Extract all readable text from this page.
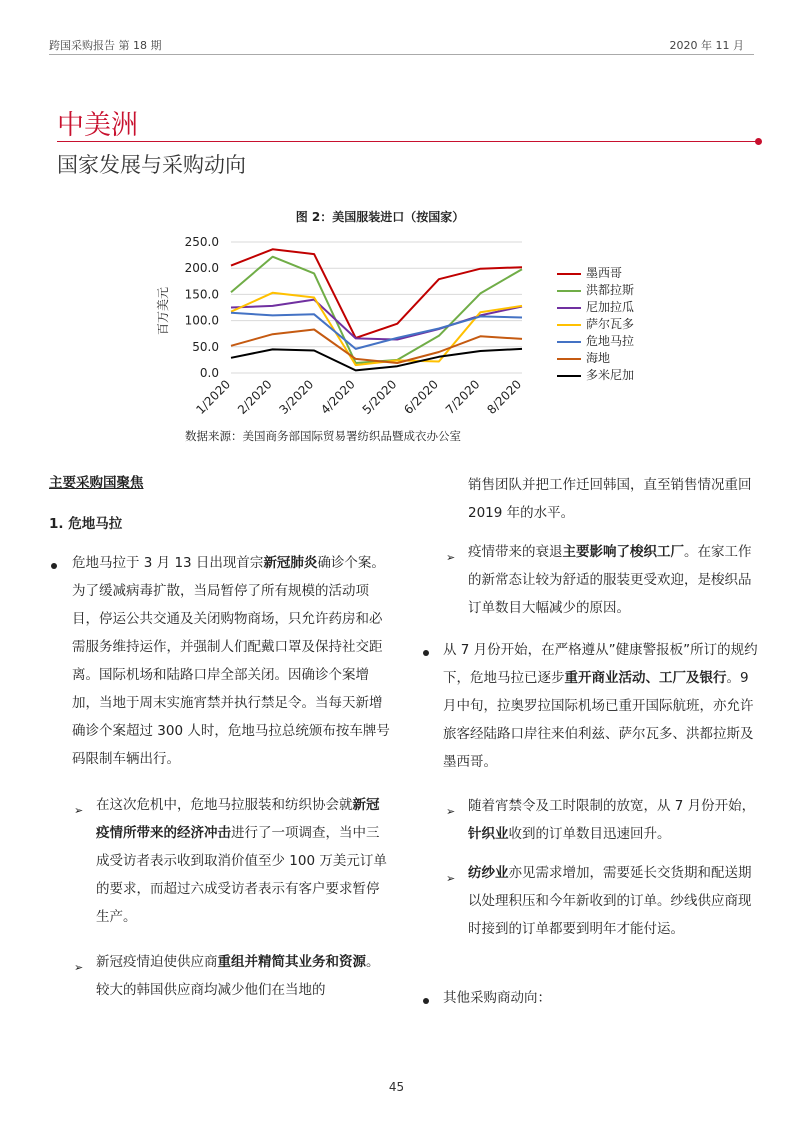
跨国采购报告 第 18 期	2020 年 11 月
中美洲
国家发展与采购动向
图 2：美国服装进口（按国家）
0.0
50.0
100.0
150.0
200.0
250.0
1/2020 2/2020 3/2020 4/2020 5/2020 6/2020 7/2020 8/2020
百万美元
墨西哥
洪都拉斯
尼加拉瓜
萨尔瓦多
危地马拉
海地
多米尼加
数据来源：美国商务部国际贸易署纺织品暨成衣办公室
主要采购国聚焦
1. 危地马拉

危地马拉于 3 月 13 日出现首宗新冠肺炎确诊个案。为了缓减病毒扩散，当局暂停了所有规模的活动项目，停运公共交通及关闭购物商场，只允许药房和必需服务维持运作，并强制人们配戴口罩及保持社交距离。国际机场和陆路口岸全部关闭。因确诊个案增加，当地于周末实施宵禁并执行禁足令。当每天新增确诊个案超过 300 人时，危地马拉总统颁布按车牌号码限制车辆出行。

➢ 在这次危机中，危地马拉服装和纺织协会就新冠疫情所带来的经济冲击进行了一项调查，当中三成受访者表示收到取消价值至少 100 万美元订单的要求，而超过六成受访者表示有客户要求暂停生产。

➢ 新冠疫情迫使供应商重组并精简其业务和资源。较大的韩国供应商均减少他们在当地的

销售团队并把工作迁回韩国，直至销售情况重回 2019 年的水平。

➢ 疫情带来的衰退主要影响了梭织工厂。在家工作的新常态让较为舒适的服装更受欢迎，是梭织品订单数目大幅减少的原因。

从 7 月份开始，在严格遵从”健康警报板”所订的规约下，危地马拉已逐步重开商业活动、工厂及银行。9 月中旬，拉奥罗拉国际机场已重开国际航班，亦允许旅客经陆路口岸往来伯利兹、萨尔瓦多、洪都拉斯及墨西哥。

➢ 随着宵禁令及工时限制的放宽，从 7 月份开始，针织业收到的订单数目迅速回升。

➢ 纺纱业亦见需求增加，需要延长交货期和配送期以处理积压和今年新收到的订单。纱线供应商现时接到的订单都要到明年才能付运。

其他采购商动向：

45
